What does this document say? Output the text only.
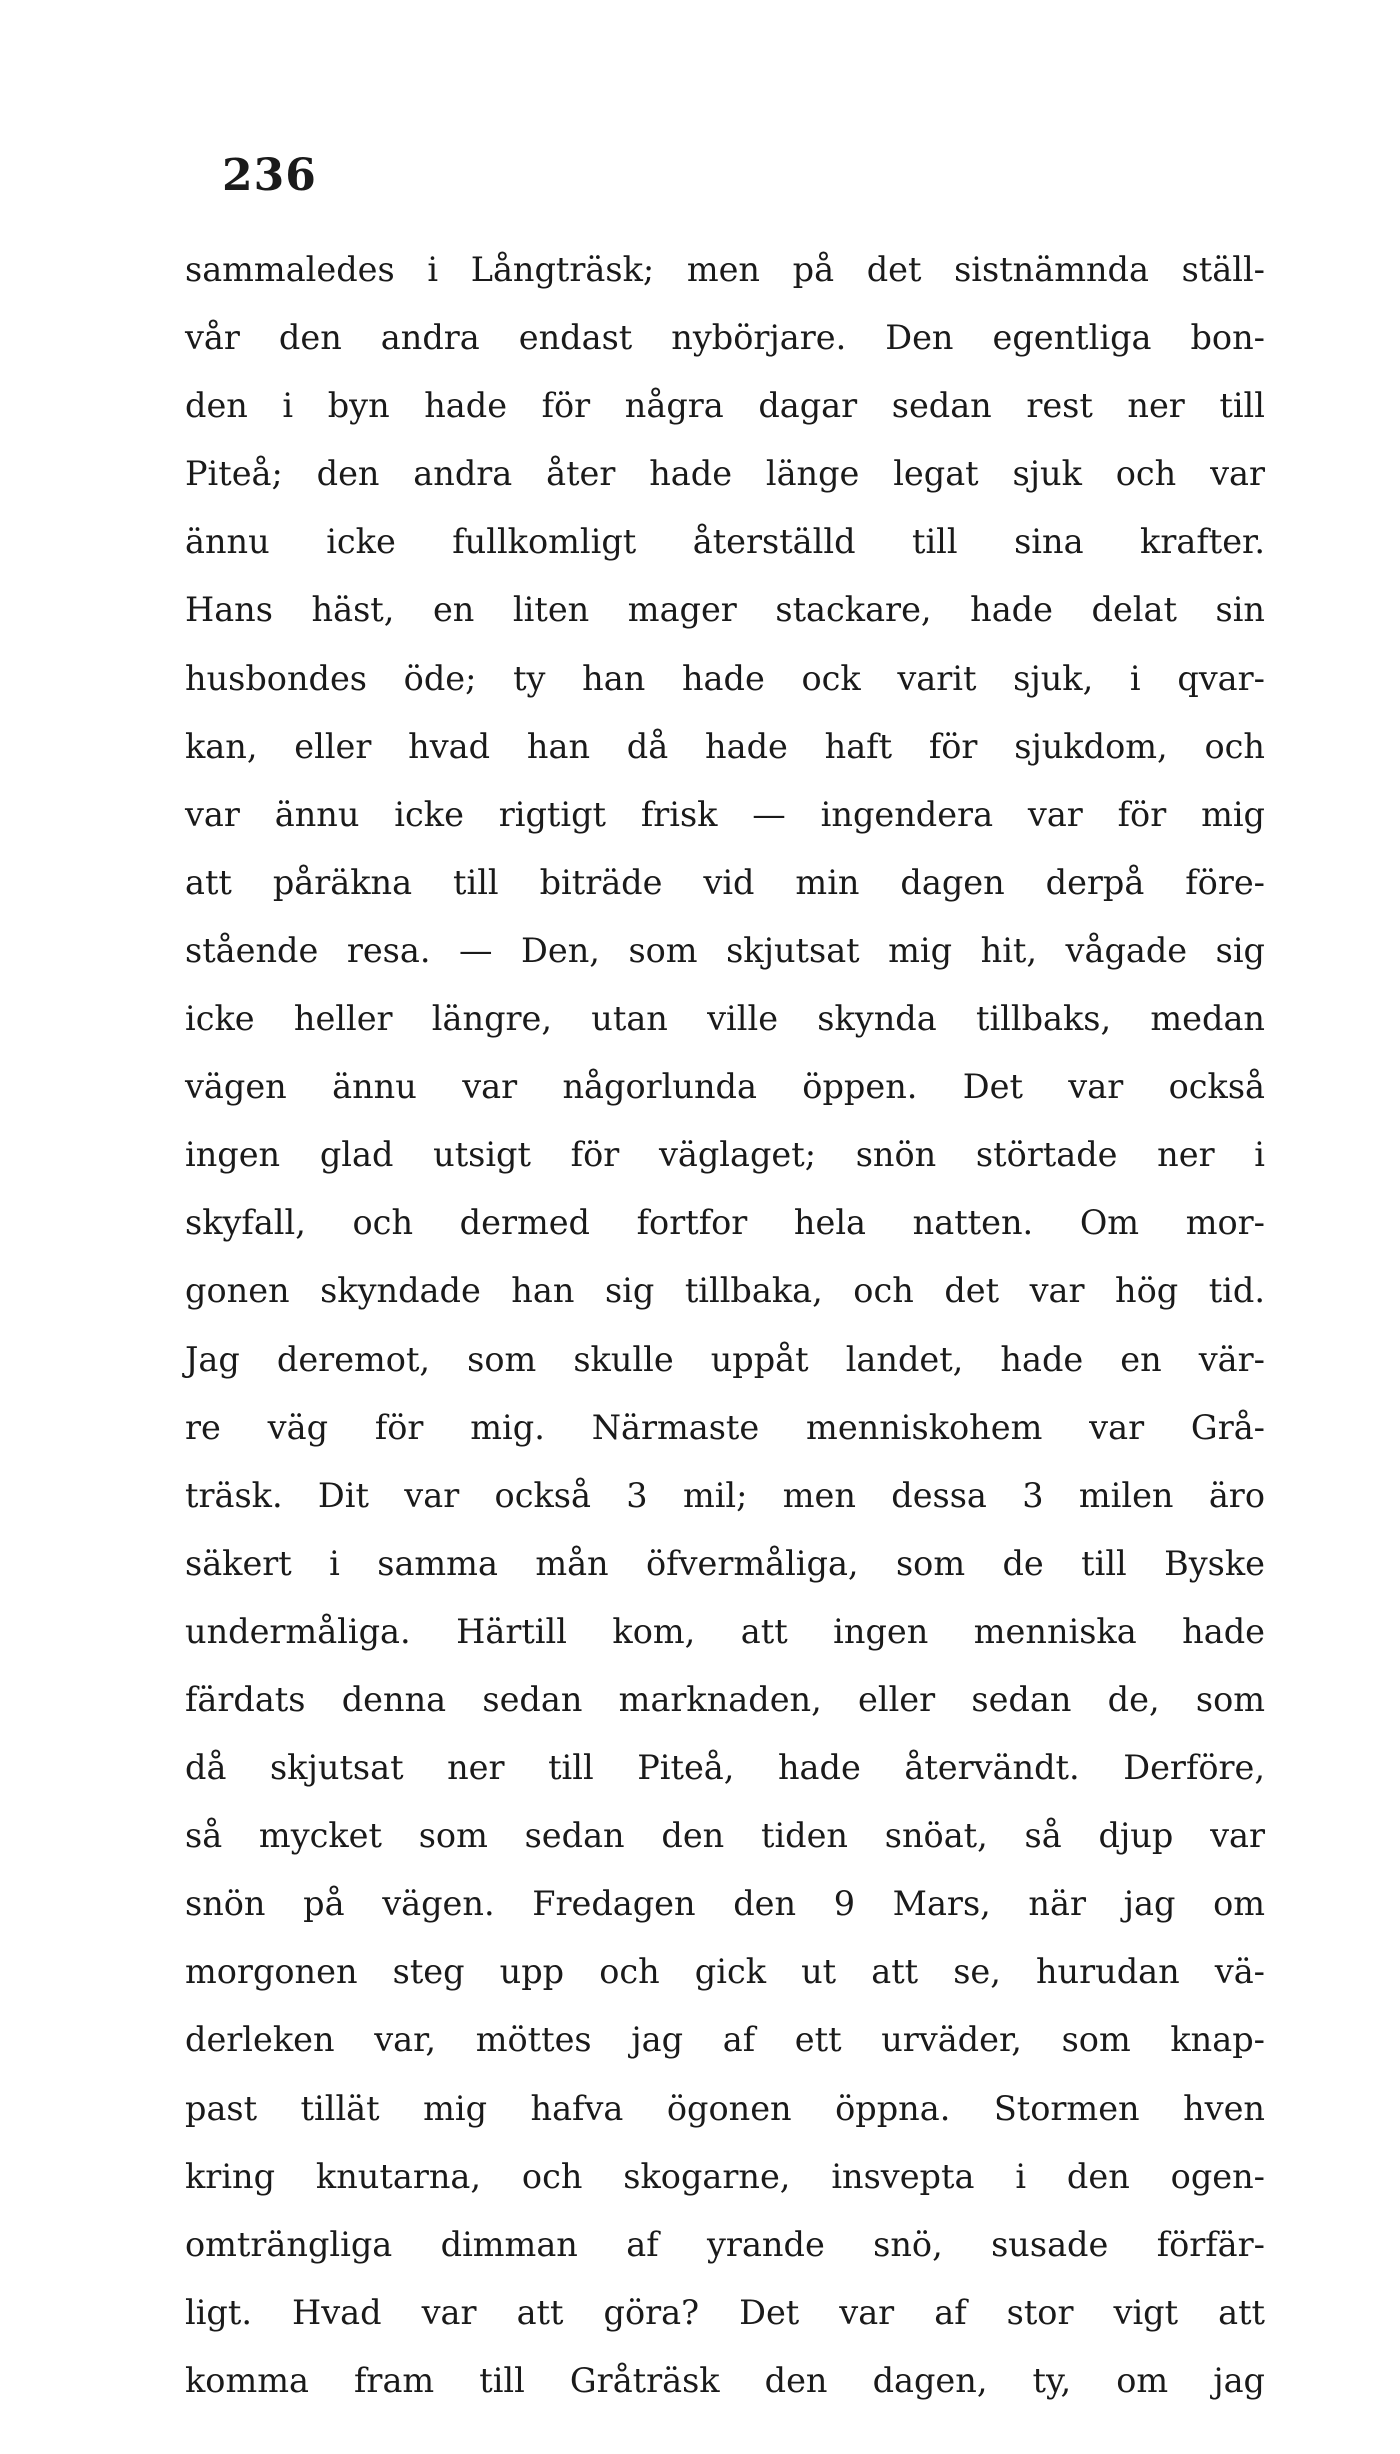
236
sammaledes i Långträsk; men på det sistnämnda ställ-
vår den andra endast nybörjare. Den egentliga bon-
den i byn hade för några dagar sedan rest ner till
Piteå; den andra åter hade länge legat sjuk och var
ännu icke fullkomligt återställd till sina krafter.
Hans häst, en liten mager stackare, hade delat sin
husbondes öde; ty han hade ock varit sjuk, i qvar-
kan, eller hvad han då hade haft för sjukdom, och
var ännu icke rigtigt frisk — ingendera var för mig
att påräkna till biträde vid min dagen derpå före-
stående resa. — Den, som skjutsat mig hit, vågade sig
icke heller längre, utan ville skynda tillbaks, medan
vägen ännu var någorlunda öppen. Det var också
ingen glad utsigt för väglaget; snön störtade ner i
skyfall, och dermed fortfor hela natten. Om mor-
gonen skyndade han sig tillbaka, och det var hög tid.
Jag deremot, som skulle uppåt landet, hade en vär-
re väg för mig. Närmaste menniskohem var Grå-
träsk. Dit var också 3 mil; men dessa 3 milen äro
säkert i samma mån öfvermåliga, som de till Byske
undermåliga. Härtill kom, att ingen menniska hade
färdats denna sedan marknaden, eller sedan de, som
då skjutsat ner till Piteå, hade återvändt. Derföre,
så mycket som sedan den tiden snöat, så djup var
snön på vägen. Fredagen den 9 Mars, när jag om
morgonen steg upp och gick ut att se, hurudan vä-
derleken var, möttes jag af ett urväder, som knap-
past tillät mig hafva ögonen öppna. Stormen hven
kring knutarna, och skogarne, insvepta i den ogen-
omträngliga dimman af yrande snö, susade förfär-
ligt. Hvad var att göra? Det var af stor vigt att
komma fram till Gråträsk den dagen, ty, om jag
